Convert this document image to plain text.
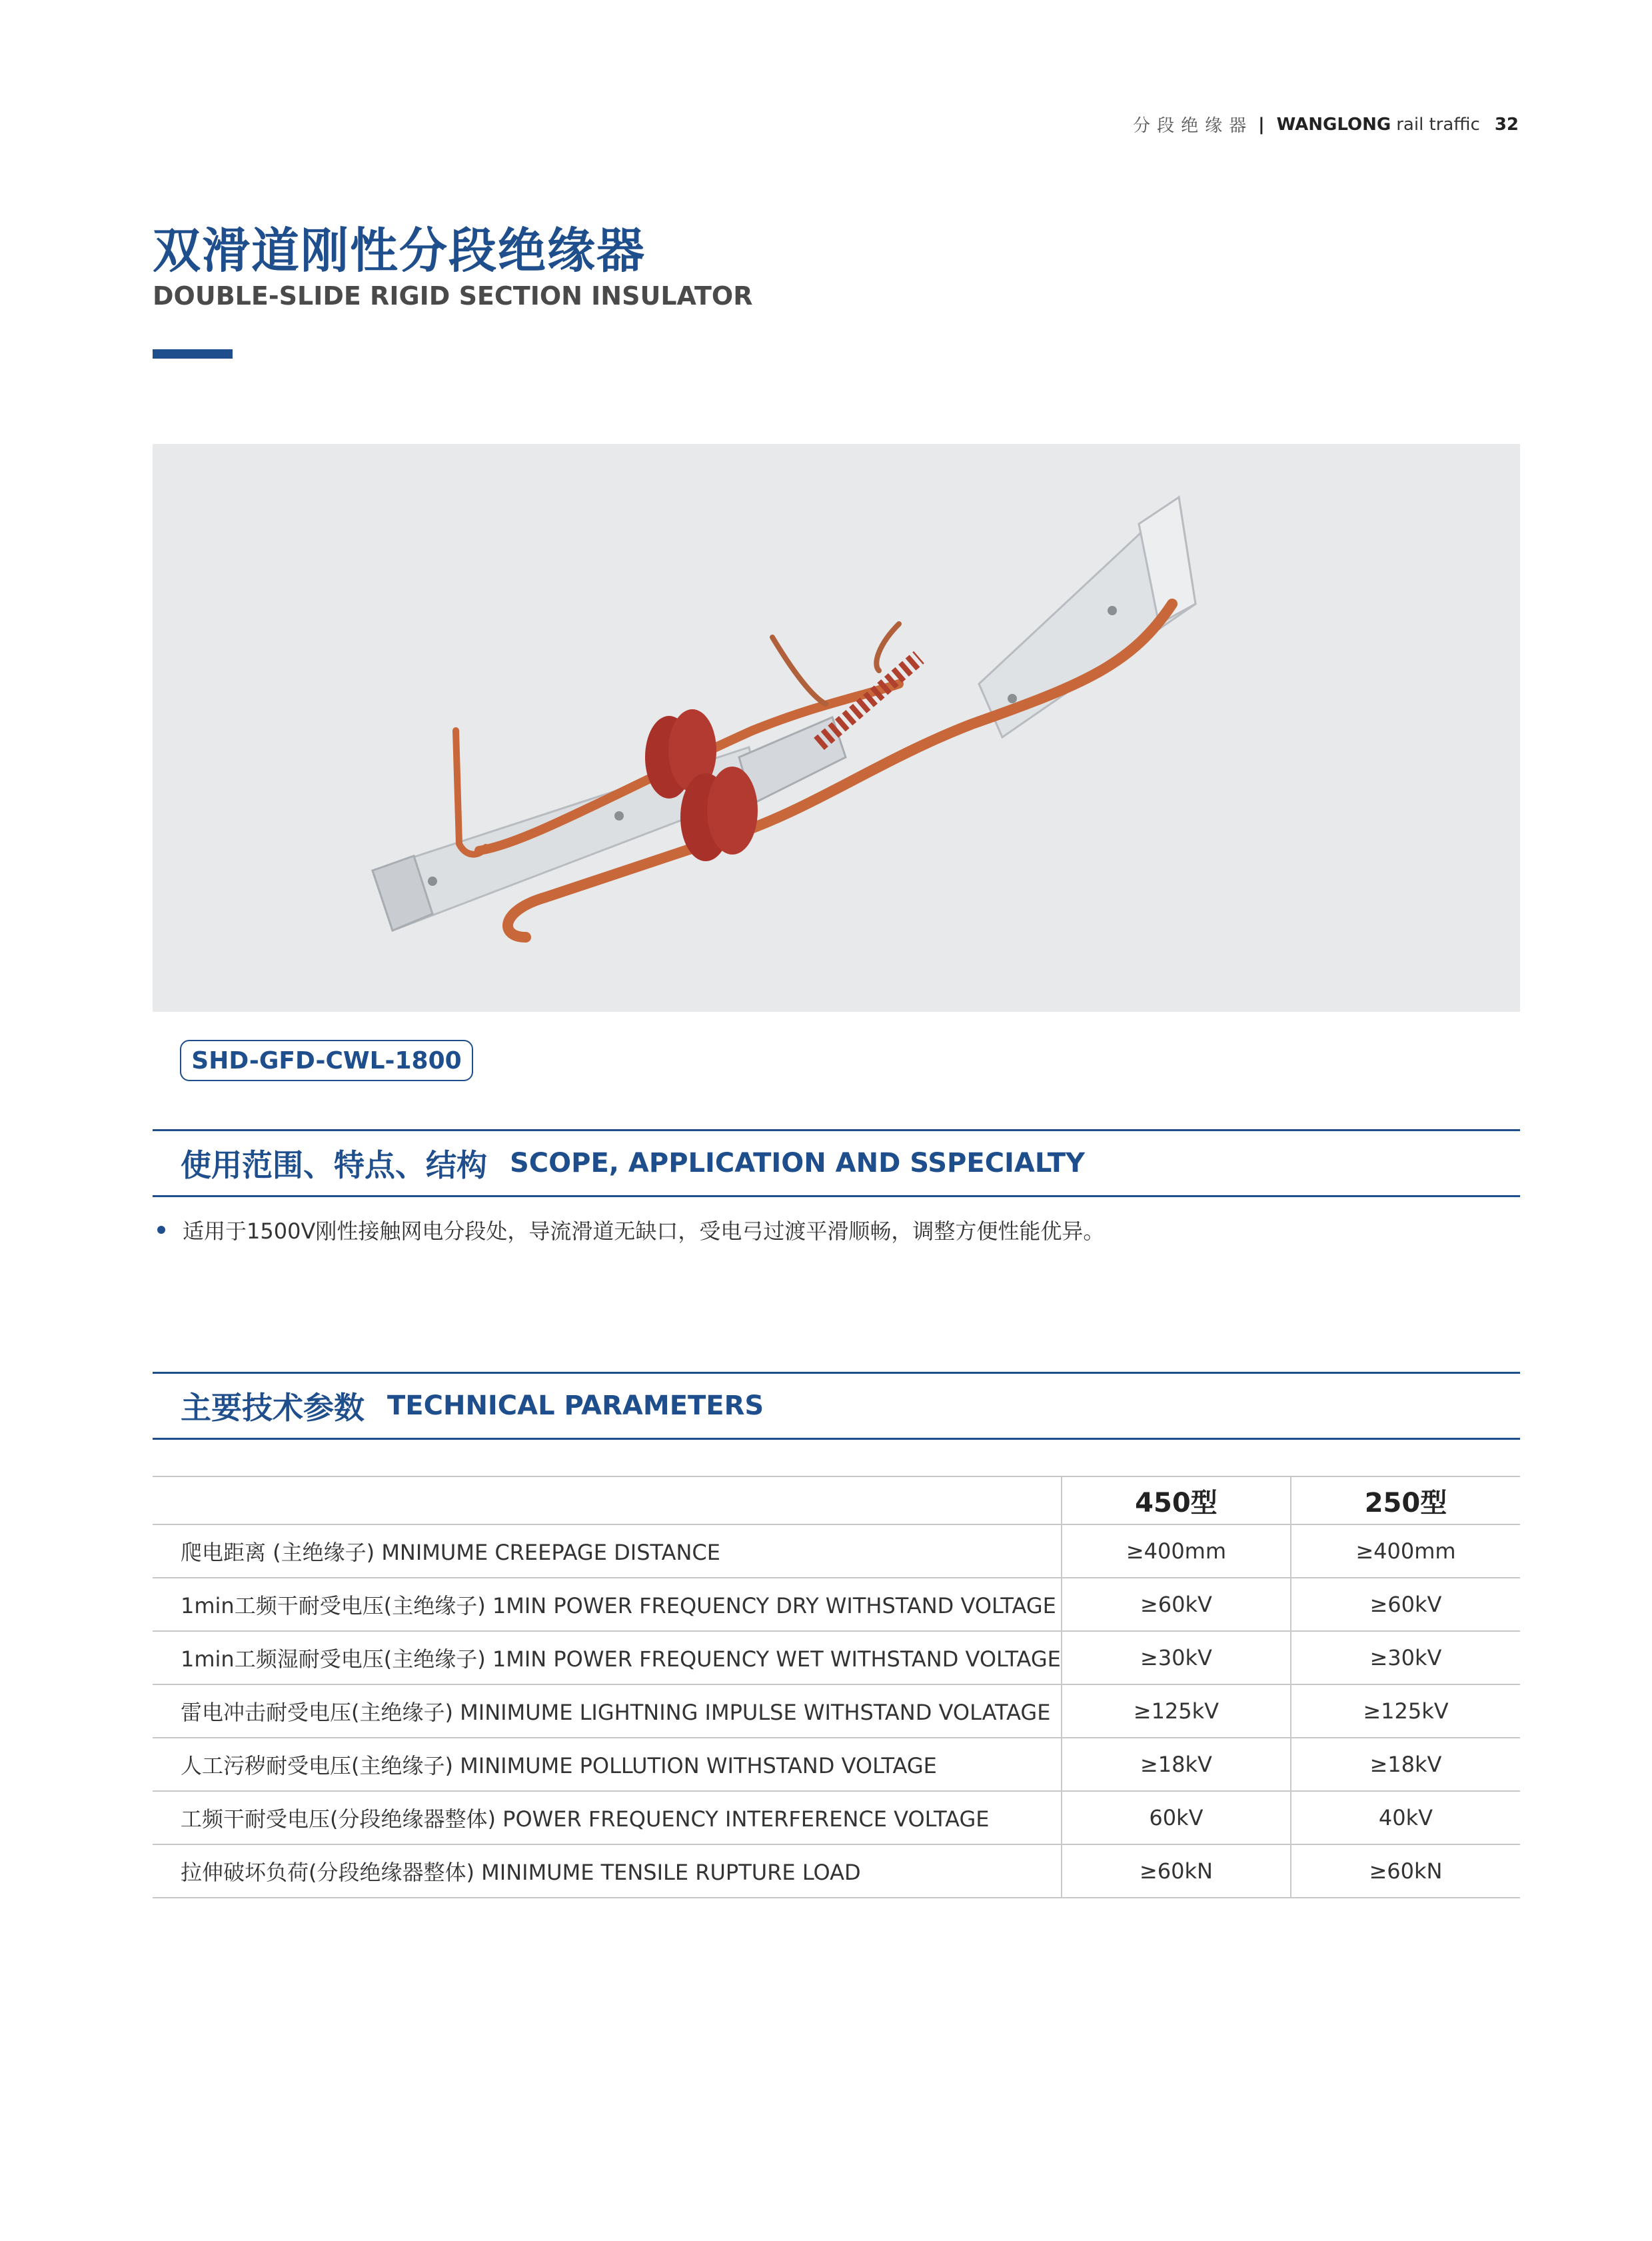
分段绝缘器 | WANGLONG rail traffic 32
双滑道刚性分段绝缘器
DOUBLE-SLIDE RIGID SECTION INSULATOR
SHD-GFD-CWL-1800
使用范围、特点、结构 SCOPE, APPLICATION AND SSPECIALTY
适用于1500V刚性接触网电分段处，导流滑道无缺口，受电弓过渡平滑顺畅，调整方便性能优异。
主要技术参数 TECHNICAL PARAMETERS
	450型	250型
爬电距离 (主绝缘子) MNIMUME CREEPAGE DISTANCE	≥400mm	≥400mm
1min工频干耐受电压(主绝缘子) 1MIN POWER FREQUENCY DRY WITHSTAND VOLTAGE	≥60kV	≥60kV
1min工频湿耐受电压(主绝缘子) 1MIN POWER FREQUENCY WET WITHSTAND VOLTAGE	≥30kV	≥30kV
雷电冲击耐受电压(主绝缘子) MINIMUME LIGHTNING IMPULSE WITHSTAND VOLATAGE	≥125kV	≥125kV
人工污秽耐受电压(主绝缘子) MINIMUME POLLUTION WITHSTAND VOLTAGE	≥18kV	≥18kV
工频干耐受电压(分段绝缘器整体) POWER FREQUENCY INTERFERENCE VOLTAGE	60kV	40kV
拉伸破坏负荷(分段绝缘器整体) MINIMUME TENSILE RUPTURE LOAD	≥60kN	≥60kN
